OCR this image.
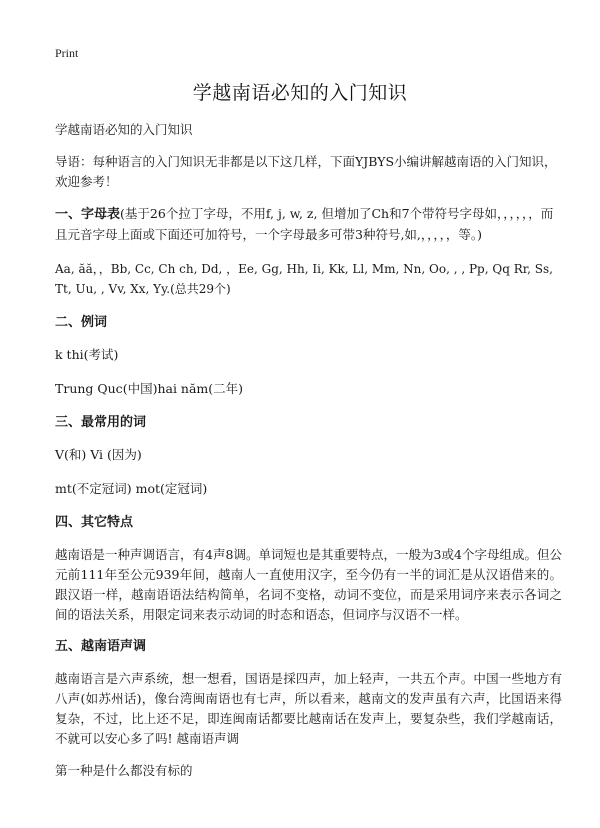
Print
学越南语必知的入门知识

学越南语必知的入门知识

导语：每种语言的入门知识无非都是以下这几样，下面YJBYS小编讲解越南语的入门知识，欢迎参考！

一、字母表(基于26个拉丁字母，不用f, j, w, z, 但增加了Ch和7个带符号字母如，，，，，，而且元音字母上面或下面还可加符号，一个字母最多可带3种符号,如,，，，，，等。)

Aa, ăă，，Bb, Cc, Ch ch, Dd, ，Ee, Gg, Hh, Ii, Kk, Ll, Mm, Nn, Oo, , , Pp, Qq Rr, Ss, Tt, Uu, , Vv, Xx, Yy.(总共29个)

二、例词

k thi(考试)

Trung Quc(中国)hai năm(二年)

三、最常用的词

V(和) Vi (因为)

mt(不定冠词) mot(定冠词)

四、其它特点

越南语是一种声调语言，有4声8调。单词短也是其重要特点，一般为3或4个字母组成。但公元前111年至公元939年间，越南人一直使用汉字，至今仍有一半的词汇是从汉语借来的。跟汉语一样，越南语语法结构简单，名词不变格，动词不变位，而是采用词序来表示各词之间的语法关系，用限定词来表示动词的时态和语态，但词序与汉语不一样。

五、越南语声调

越南语言是六声系统，想一想看，国语是採四声，加上轻声，一共五个声。中国一些地方有八声(如苏州话)，像台湾闽南语也有七声，所以看来，越南文的发声虽有六声，比国语来得复杂，不过，比上还不足，即连闽南话都要比越南话在发声上，要复杂些，我们学越南话，不就可以安心多了吗! 越南语声调

第一种是什么都没有标的
